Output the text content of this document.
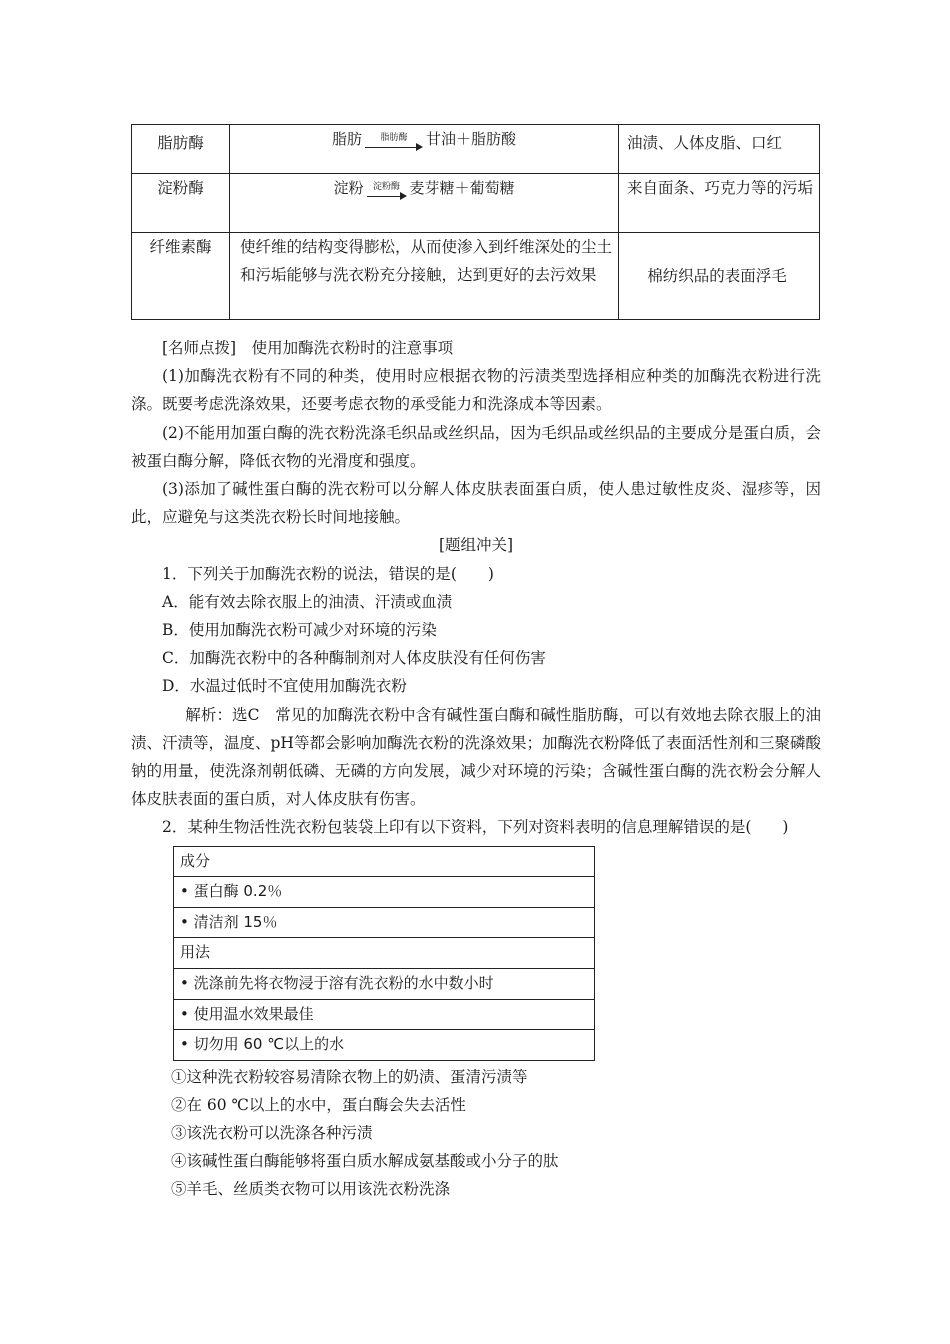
脂肪酶	脂肪 脂肪酶 甘油＋脂肪酸	油渍、人体皮脂、口红
淀粉酶	淀粉 淀粉酶 麦芽糖＋葡萄糖	来自面条、巧克力等的污垢
纤维素酶	使纤维的结构变得膨松，从而使渗入到纤维深处的尘土和污垢能够与洗衣粉充分接触，达到更好的去污效果	棉纺织品的表面浮毛

[名师点拨]　使用加酶洗衣粉时的注意事项

(1)加酶洗衣粉有不同的种类，使用时应根据衣物的污渍类型选择相应种类的加酶洗衣粉进行洗涤。既要考虑洗涤效果，还要考虑衣物的承受能力和洗涤成本等因素。

(2)不能用加蛋白酶的洗衣粉洗涤毛织品或丝织品，因为毛织品或丝织品的主要成分是蛋白质，会被蛋白酶分解，降低衣物的光滑度和强度。

(3)添加了碱性蛋白酶的洗衣粉可以分解人体皮肤表面蛋白质，使人患过敏性皮炎、湿疹等，因此，应避免与这类洗衣粉长时间地接触。

[题组冲关]

1．下列关于加酶洗衣粉的说法，错误的是(　　)

A．能有效去除衣服上的油渍、汗渍或血渍

B．使用加酶洗衣粉可减少对环境的污染

C．加酶洗衣粉中的各种酶制剂对人体皮肤没有任何伤害

D．水温过低时不宜使用加酶洗衣粉

解析：选C　常见的加酶洗衣粉中含有碱性蛋白酶和碱性脂肪酶，可以有效地去除衣服上的油渍、汗渍等，温度、pH等都会影响加酶洗衣粉的洗涤效果；加酶洗衣粉降低了表面活性剂和三聚磷酸钠的用量，使洗涤剂朝低磷、无磷的方向发展，减少对环境的污染；含碱性蛋白酶的洗衣粉会分解人体皮肤表面的蛋白质，对人体皮肤有伤害。

2．某种生物活性洗衣粉包装袋上印有以下资料，下列对资料表明的信息理解错误的是(　　)

成分
• 蛋白酶 0.2％
• 清洁剂 15％
用法
• 洗涤前先将衣物浸于溶有洗衣粉的水中数小时
• 使用温水效果最佳
• 切勿用 60 ℃以上的水

①这种洗衣粉较容易清除衣物上的奶渍、蛋清污渍等

②在 60 ℃以上的水中，蛋白酶会失去活性

③该洗衣粉可以洗涤各种污渍

④该碱性蛋白酶能够将蛋白质水解成氨基酸或小分子的肽

⑤羊毛、丝质类衣物可以用该洗衣粉洗涤
